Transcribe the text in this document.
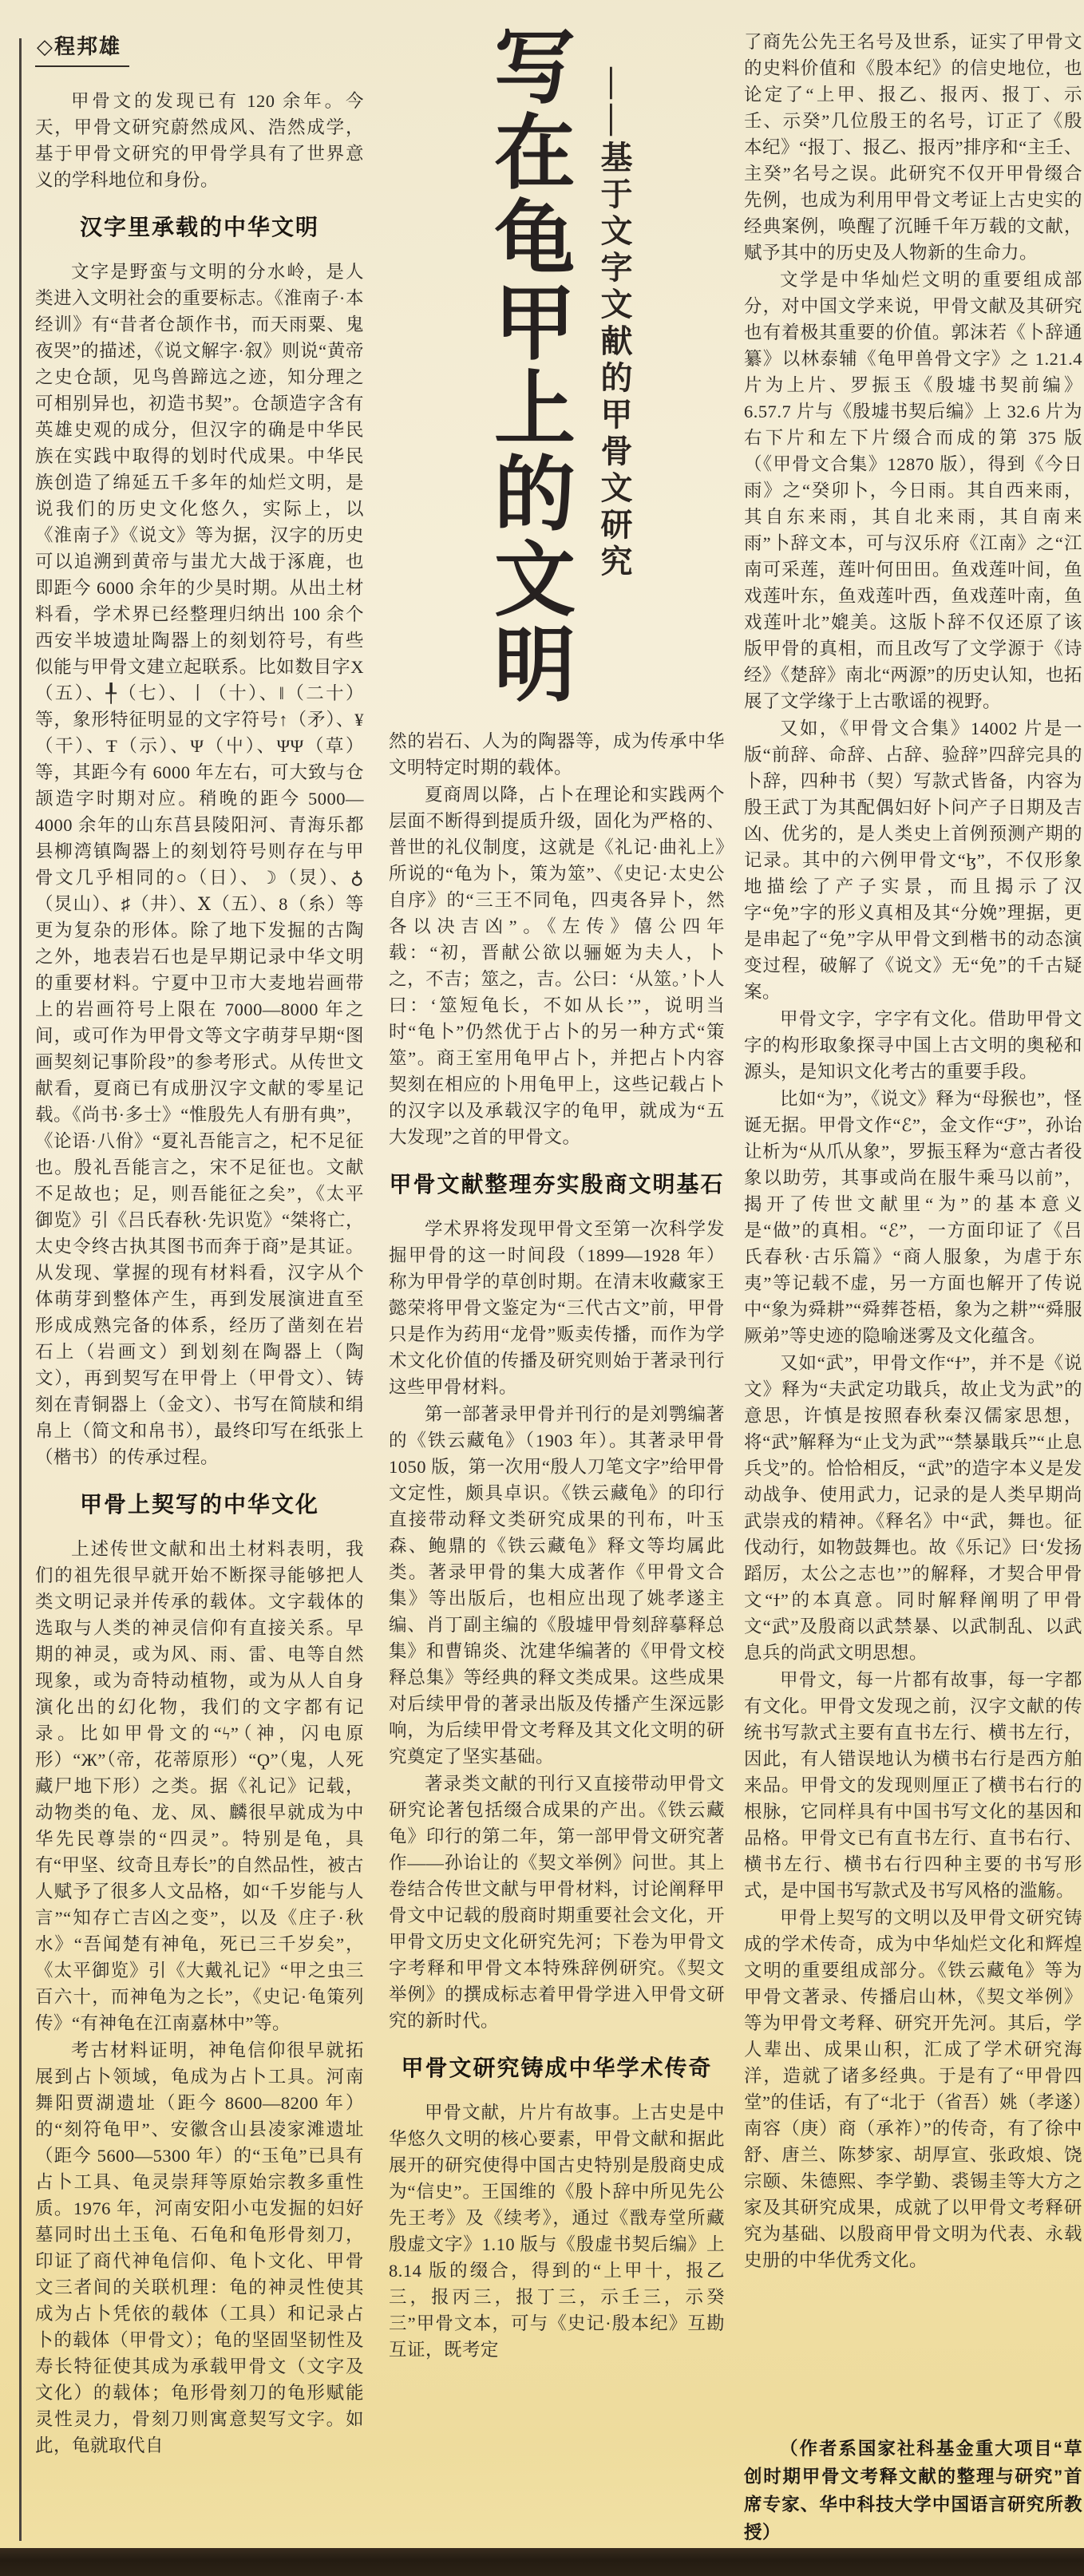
◇程邦雄

甲骨文的发现已有 120 余年。今天，甲骨文研究蔚然成风、浩然成学，基于甲骨文研究的甲骨学具有了世界意义的学科地位和身份。

汉字里承载的中华文明

文字是野蛮与文明的分水岭，是人类进入文明社会的重要标志。《淮南子·本经训》有“昔者仓颉作书，而天雨粟、鬼夜哭”的描述，《说文解字·叙》则说“黄帝之史仓颉，见鸟兽蹄迒之迹，知分理之可相别异也，初造书契”。仓颉造字含有英雄史观的成分，但汉字的确是中华民族在实践中取得的划时代成果。中华民族创造了绵延五千多年的灿烂文明，是说我们的历史文化悠久，实际上，以《淮南子》《说文》等为据，汉字的历史可以追溯到黄帝与蚩尤大战于涿鹿，也即距今 6000 余年的少昊时期。从出土材料看，学术界已经整理归纳出 100 余个西安半坡遗址陶器上的刻划符号，有些似能与甲骨文建立起联系。比如数目字Χ（五）、╀（七）、丨（十）、‖（二十）等，象形特征明显的文字符号↑（矛）、¥（干）、Ŧ（示）、Ψ（屮）、ΨΨ（草）等，其距今有 6000 年左右，可大致与仓颉造字时期对应。稍晚的距今 5000—4000 余年的山东莒县陵阳河、青海乐都县柳湾镇陶器上的刻划符号则存在与甲骨文几乎相同的○（日）、☽（炅）、♁（炅山）、♯（井）、Ⅹ（五）、8（糸）等更为复杂的形体。除了地下发掘的古陶之外，地表岩石也是早期记录中华文明的重要材料。宁夏中卫市大麦地岩画带上的岩画符号上限在 7000—8000 年之间，或可作为甲骨文等文字萌芽早期“图画契刻记事阶段”的参考形式。从传世文献看，夏商已有成册汉字文献的零星记载。《尚书·多士》“惟殷先人有册有典”，《论语·八佾》“夏礼吾能言之，杞不足征也。殷礼吾能言之，宋不足征也。文献不足故也；足，则吾能征之矣”，《太平御览》引《吕氏春秋·先识览》“桀将亡，太史令终古执其图书而奔于商”是其证。从发现、掌握的现有材料看，汉字从个体萌芽到整体产生，再到发展演进直至形成成熟完备的体系，经历了凿刻在岩石上（岩画文）到划刻在陶器上（陶文），再到契写在甲骨上（甲骨文）、铸刻在青铜器上（金文）、书写在简牍和绢帛上（简文和帛书），最终印写在纸张上（楷书）的传承过程。

甲骨上契写的中华文化

上述传世文献和出土材料表明，我们的祖先很早就开始不断探寻能够把人类文明记录并传承的载体。文字载体的选取与人类的神灵信仰有直接关系。早期的神灵，或为风、雨、雷、电等自然现象，或为奇特动植物，或为从人自身演化出的幻化物，我们的文字都有记录。比如甲骨文的“ϟ”（神，闪电原形）“Ж”（帝，花蒂原形）“Ϙ”（鬼，人死藏尸地下形）之类。据《礼记》记载，动物类的龟、龙、凤、麟很早就成为中华先民尊崇的“四灵”。特别是龟，具有“甲坚、纹奇且寿长”的自然品性，被古人赋予了很多人文品格，如“千岁能与人言”“知存亡吉凶之变”，以及《庄子·秋水》“吾闻楚有神龟，死已三千岁矣”，《太平御览》引《大戴礼记》“甲之虫三百六十，而神龟为之长”，《史记·龟策列传》“有神龟在江南嘉林中”等。

考古材料证明，神龟信仰很早就拓展到占卜领域，龟成为占卜工具。河南舞阳贾湖遗址（距今 8600—8200 年）的“刻符龟甲”、安徽含山县凌家滩遗址（距今 5600—5300 年）的“玉龟”已具有占卜工具、龟灵崇拜等原始宗教多重性质。1976 年，河南安阳小屯发掘的妇好墓同时出土玉龟、石龟和龟形骨刻刀，印证了商代神龟信仰、龟卜文化、甲骨文三者间的关联机理：龟的神灵性使其成为占卜凭依的载体（工具）和记录占卜的载体（甲骨文）；龟的坚固坚韧性及寿长特征使其成为承载甲骨文（文字及文化）的载体；龟形骨刻刀的龟形赋能灵性灵力，骨刻刀则寓意契写文字。如此，龟就取代自

写在龟甲上的文明 ——基于文字文献的甲骨文研究

然的岩石、人为的陶器等，成为传承中华文明特定时期的载体。

夏商周以降，占卜在理论和实践两个层面不断得到提质升级，固化为严格的、普世的礼仪制度，这就是《礼记·曲礼上》所说的“龟为卜，策为筮”、《史记·太史公自序》的“三王不同龟，四夷各异卜，然各以决吉凶”。《左传》僖公四年载：“初，晋献公欲以骊姬为夫人，卜之，不吉；筮之，吉。公曰：‘从筮。’卜人曰：‘筮短龟长，不如从长’”，说明当时“龟卜”仍然优于占卜的另一种方式“策筮”。商王室用龟甲占卜，并把占卜内容契刻在相应的卜用龟甲上，这些记载占卜的汉字以及承载汉字的龟甲，就成为“五大发现”之首的甲骨文。

甲骨文献整理夯实殷商文明基石

学术界将发现甲骨文至第一次科学发掘甲骨的这一时间段（1899—1928 年）称为甲骨学的草创时期。在清末收藏家王懿荣将甲骨文鉴定为“三代古文”前，甲骨只是作为药用“龙骨”贩卖传播，而作为学术文化价值的传播及研究则始于著录刊行这些甲骨材料。

第一部著录甲骨并刊行的是刘鹗编著的《铁云藏龟》（1903 年）。其著录甲骨 1050 版，第一次用“殷人刀笔文字”给甲骨文定性，颇具卓识。《铁云藏龟》的印行直接带动释文类研究成果的刊布，叶玉森、鲍鼎的《铁云藏龟》释文等均属此类。著录甲骨的集大成著作《甲骨文合集》等出版后，也相应出现了姚孝遂主编、肖丁副主编的《殷墟甲骨刻辞摹释总集》和曹锦炎、沈建华编著的《甲骨文校释总集》等经典的释文类成果。这些成果对后续甲骨的著录出版及传播产生深远影响，为后续甲骨文考释及其文化文明的研究奠定了坚实基础。

著录类文献的刊行又直接带动甲骨文研究论著包括缀合成果的产出。《铁云藏龟》印行的第二年，第一部甲骨文研究著作——孙诒让的《契文举例》问世。其上卷结合传世文献与甲骨材料，讨论阐释甲骨文中记载的殷商时期重要社会文化，开甲骨文历史文化研究先河；下卷为甲骨文字考释和甲骨文本特殊辞例研究。《契文举例》的撰成标志着甲骨学进入甲骨文研究的新时代。

甲骨文研究铸成中华学术传奇

甲骨文献，片片有故事。上古史是中华悠久文明的核心要素，甲骨文献和据此展开的研究使得中国古史特别是殷商史成为“信史”。王国维的《殷卜辞中所见先公先王考》及《续考》，通过《戬寿堂所藏殷虚文字》1.10 版与《殷虚书契后编》上 8.14 版的缀合，得到的“上甲十，报乙三，报丙三，报丁三，示壬三，示癸三”甲骨文本，可与《史记·殷本纪》互勘互证，既考定

了商先公先王名号及世系，证实了甲骨文的史料价值和《殷本纪》的信史地位，也论定了“上甲、报乙、报丙、报丁、示壬、示癸”几位殷王的名号，订正了《殷本纪》“报丁、报乙、报丙”排序和“主壬、主癸”名号之误。此研究不仅开甲骨缀合先例，也成为利用甲骨文考证上古史实的经典案例，唤醒了沉睡千年万载的文献，赋予其中的历史及人物新的生命力。

文学是中华灿烂文明的重要组成部分，对中国文学来说，甲骨文献及其研究也有着极其重要的价值。郭沫若《卜辞通纂》以林泰辅《龟甲兽骨文字》之 1.21.4 片为上片、罗振玉《殷墟书契前编》6.57.7 片与《殷墟书契后编》上 32.6 片为右下片和左下片缀合而成的第 375 版（《甲骨文合集》12870 版），得到《今日雨》之“癸卯卜，今日雨。其自西来雨，其自东来雨，其自北来雨，其自南来雨”卜辞文本，可与汉乐府《江南》之“江南可采莲，莲叶何田田。鱼戏莲叶间，鱼戏莲叶东，鱼戏莲叶西，鱼戏莲叶南，鱼戏莲叶北”媲美。这版卜辞不仅还原了该版甲骨的真相，而且改写了文学源于《诗经》《楚辞》南北“两源”的历史认知，也拓展了文学缘于上古歌谣的视野。

又如，《甲骨文合集》14002 片是一版“前辞、命辞、占辞、验辞”四辞完具的卜辞，四种书（契）写款式皆备，内容为殷王武丁为其配偶妇好卜问产子日期及吉凶、优劣的，是人类史上首例预测产期的记录。其中的六例甲骨文“ɮ”，不仅形象地描绘了产子实景，而且揭示了汉字“免”字的形义真相及其“分娩”理据，更是串起了“免”字从甲骨文到楷书的动态演变过程，破解了《说文》无“免”的千古疑案。

甲骨文字，字字有文化。借助甲骨文字的构形取象探寻中国上古文明的奥秘和源头，是知识文化考古的重要手段。

比如“为”，《说文》释为“母猴也”，怪诞无据。甲骨文作“ℰ”，金文作“ℱ”，孙诒让析为“从爪从象”，罗振玉释为“意古者役象以助劳，其事或尚在服牛乘马以前”，揭开了传世文献里“为”的基本意义是“做”的真相。“ℰ”，一方面印证了《吕氏春秋·古乐篇》“商人服象，为虐于东夷”等记载不虚，另一方面也解开了传说中“象为舜耕”“舜葬苍梧，象为之耕”“舜服厥弟”等史迹的隐喻迷雾及文化蕴含。

又如“武”，甲骨文作“ϯ”，并不是《说文》释为“夫武定功戢兵，故止戈为武”的意思，许慎是按照春秋秦汉儒家思想，将“武”解释为“止戈为武”“禁暴戢兵”“止息兵戈”的。恰恰相反，“武”的造字本义是发动战争、使用武力，记录的是人类早期尚武崇戎的精神。《释名》中“武，舞也。征伐动行，如物鼓舞也。故《乐记》曰‘发扬蹈厉，太公之志也’”的解释，才契合甲骨文“ϯ”的本真意。同时解释阐明了甲骨文“武”及殷商以武禁暴、以武制乱、以武息兵的尚武文明思想。

甲骨文，每一片都有故事，每一字都有文化。甲骨文发现之前，汉字文献的传统书写款式主要有直书左行、横书左行，因此，有人错误地认为横书右行是西方舶来品。甲骨文的发现则厘正了横书右行的根脉，它同样具有中国书写文化的基因和品格。甲骨文已有直书左行、直书右行、横书左行、横书右行四种主要的书写形式，是中国书写款式及书写风格的滥觞。

甲骨上契写的文明以及甲骨文研究铸成的学术传奇，成为中华灿烂文化和辉煌文明的重要组成部分。《铁云藏龟》等为甲骨文著录、传播启山林，《契文举例》等为甲骨文考释、研究开先河。其后，学人辈出、成果山积，汇成了学术研究海洋，造就了诸多经典。于是有了“甲骨四堂”的佳话，有了“北于（省吾）姚（孝遂）南容（庚）商（承祚）”的传奇，有了徐中舒、唐兰、陈梦家、胡厚宣、张政烺、饶宗颐、朱德熙、李学勤、裘锡圭等大方之家及其研究成果，成就了以甲骨文考释研究为基础、以殷商甲骨文明为代表、永载史册的中华优秀文化。

（作者系国家社科基金重大项目“草创时期甲骨文考释文献的整理与研究”首席专家、华中科技大学中国语言研究所教授）
